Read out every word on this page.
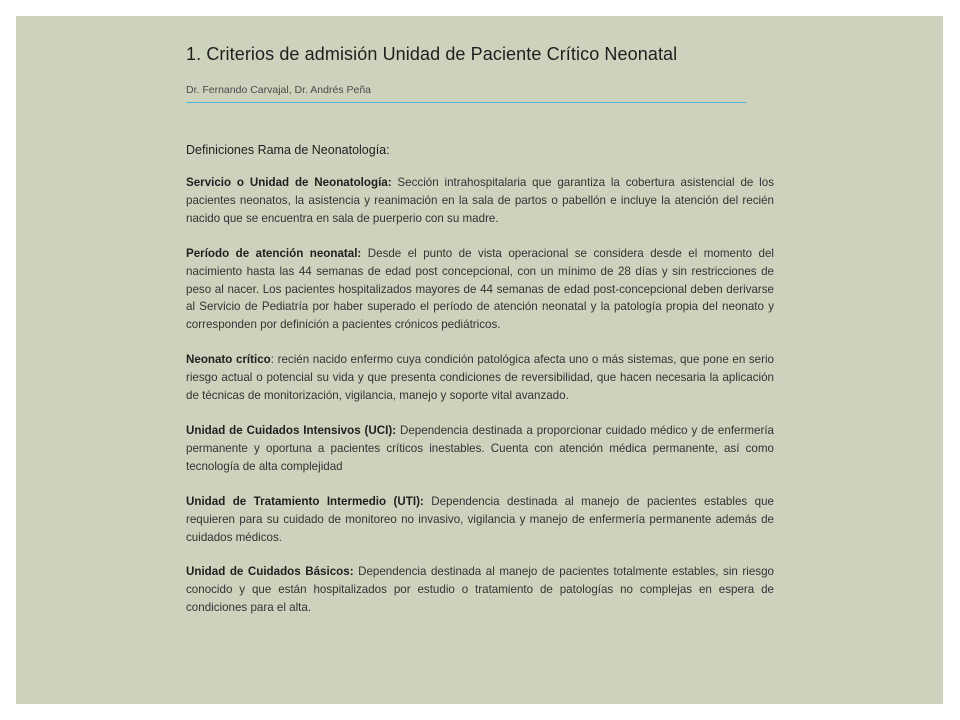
1. Criterios de admisión Unidad de Paciente Crítico Neonatal
Dr. Fernando Carvajal, Dr. Andrés Peña
Definiciones Rama de Neonatología:

Servicio o Unidad de Neonatología: Sección intrahospitalaria que garantiza la cobertura asistencial de los pacientes neonatos, la asistencia y reanimación en la sala de partos o pabellón e incluye la atención del recién nacido que se encuentra en sala de puerperio con su madre.

Período de atención neonatal: Desde el punto de vista operacional se considera desde el momento del nacimiento hasta las 44 semanas de edad post concepcional, con un mínimo de 28 días y sin restricciones de peso al nacer. Los pacientes hospitalizados mayores de 44 semanas de edad post-concepcional deben derivarse al Servicio de Pediatría por haber superado el período de atención neonatal y la patología propia del neonato y corresponden por definición a pacientes crónicos pediátricos.

Neonato crítico: recién nacido enfermo cuya condición patológica afecta uno o más sistemas, que pone en serio riesgo actual o potencial su vida y que presenta condiciones de reversibilidad, que hacen necesaria la aplicación de técnicas de monitorización, vigilancia, manejo y soporte vital avanzado.

Unidad de Cuidados Intensivos (UCI): Dependencia destinada a proporcionar cuidado médico y de enfermería permanente y oportuna a pacientes críticos inestables. Cuenta con atención médica permanente, así como tecnología de alta complejidad

Unidad de Tratamiento Intermedio (UTI): Dependencia destinada al manejo de pacientes estables que requieren para su cuidado de monitoreo no invasivo, vigilancia y manejo de enfermería permanente además de cuidados médicos.

Unidad de Cuidados Básicos: Dependencia destinada al manejo de pacientes totalmente estables, sin riesgo conocido y que están hospitalizados por estudio o tratamiento de patologías no complejas en espera de condiciones para el alta.
